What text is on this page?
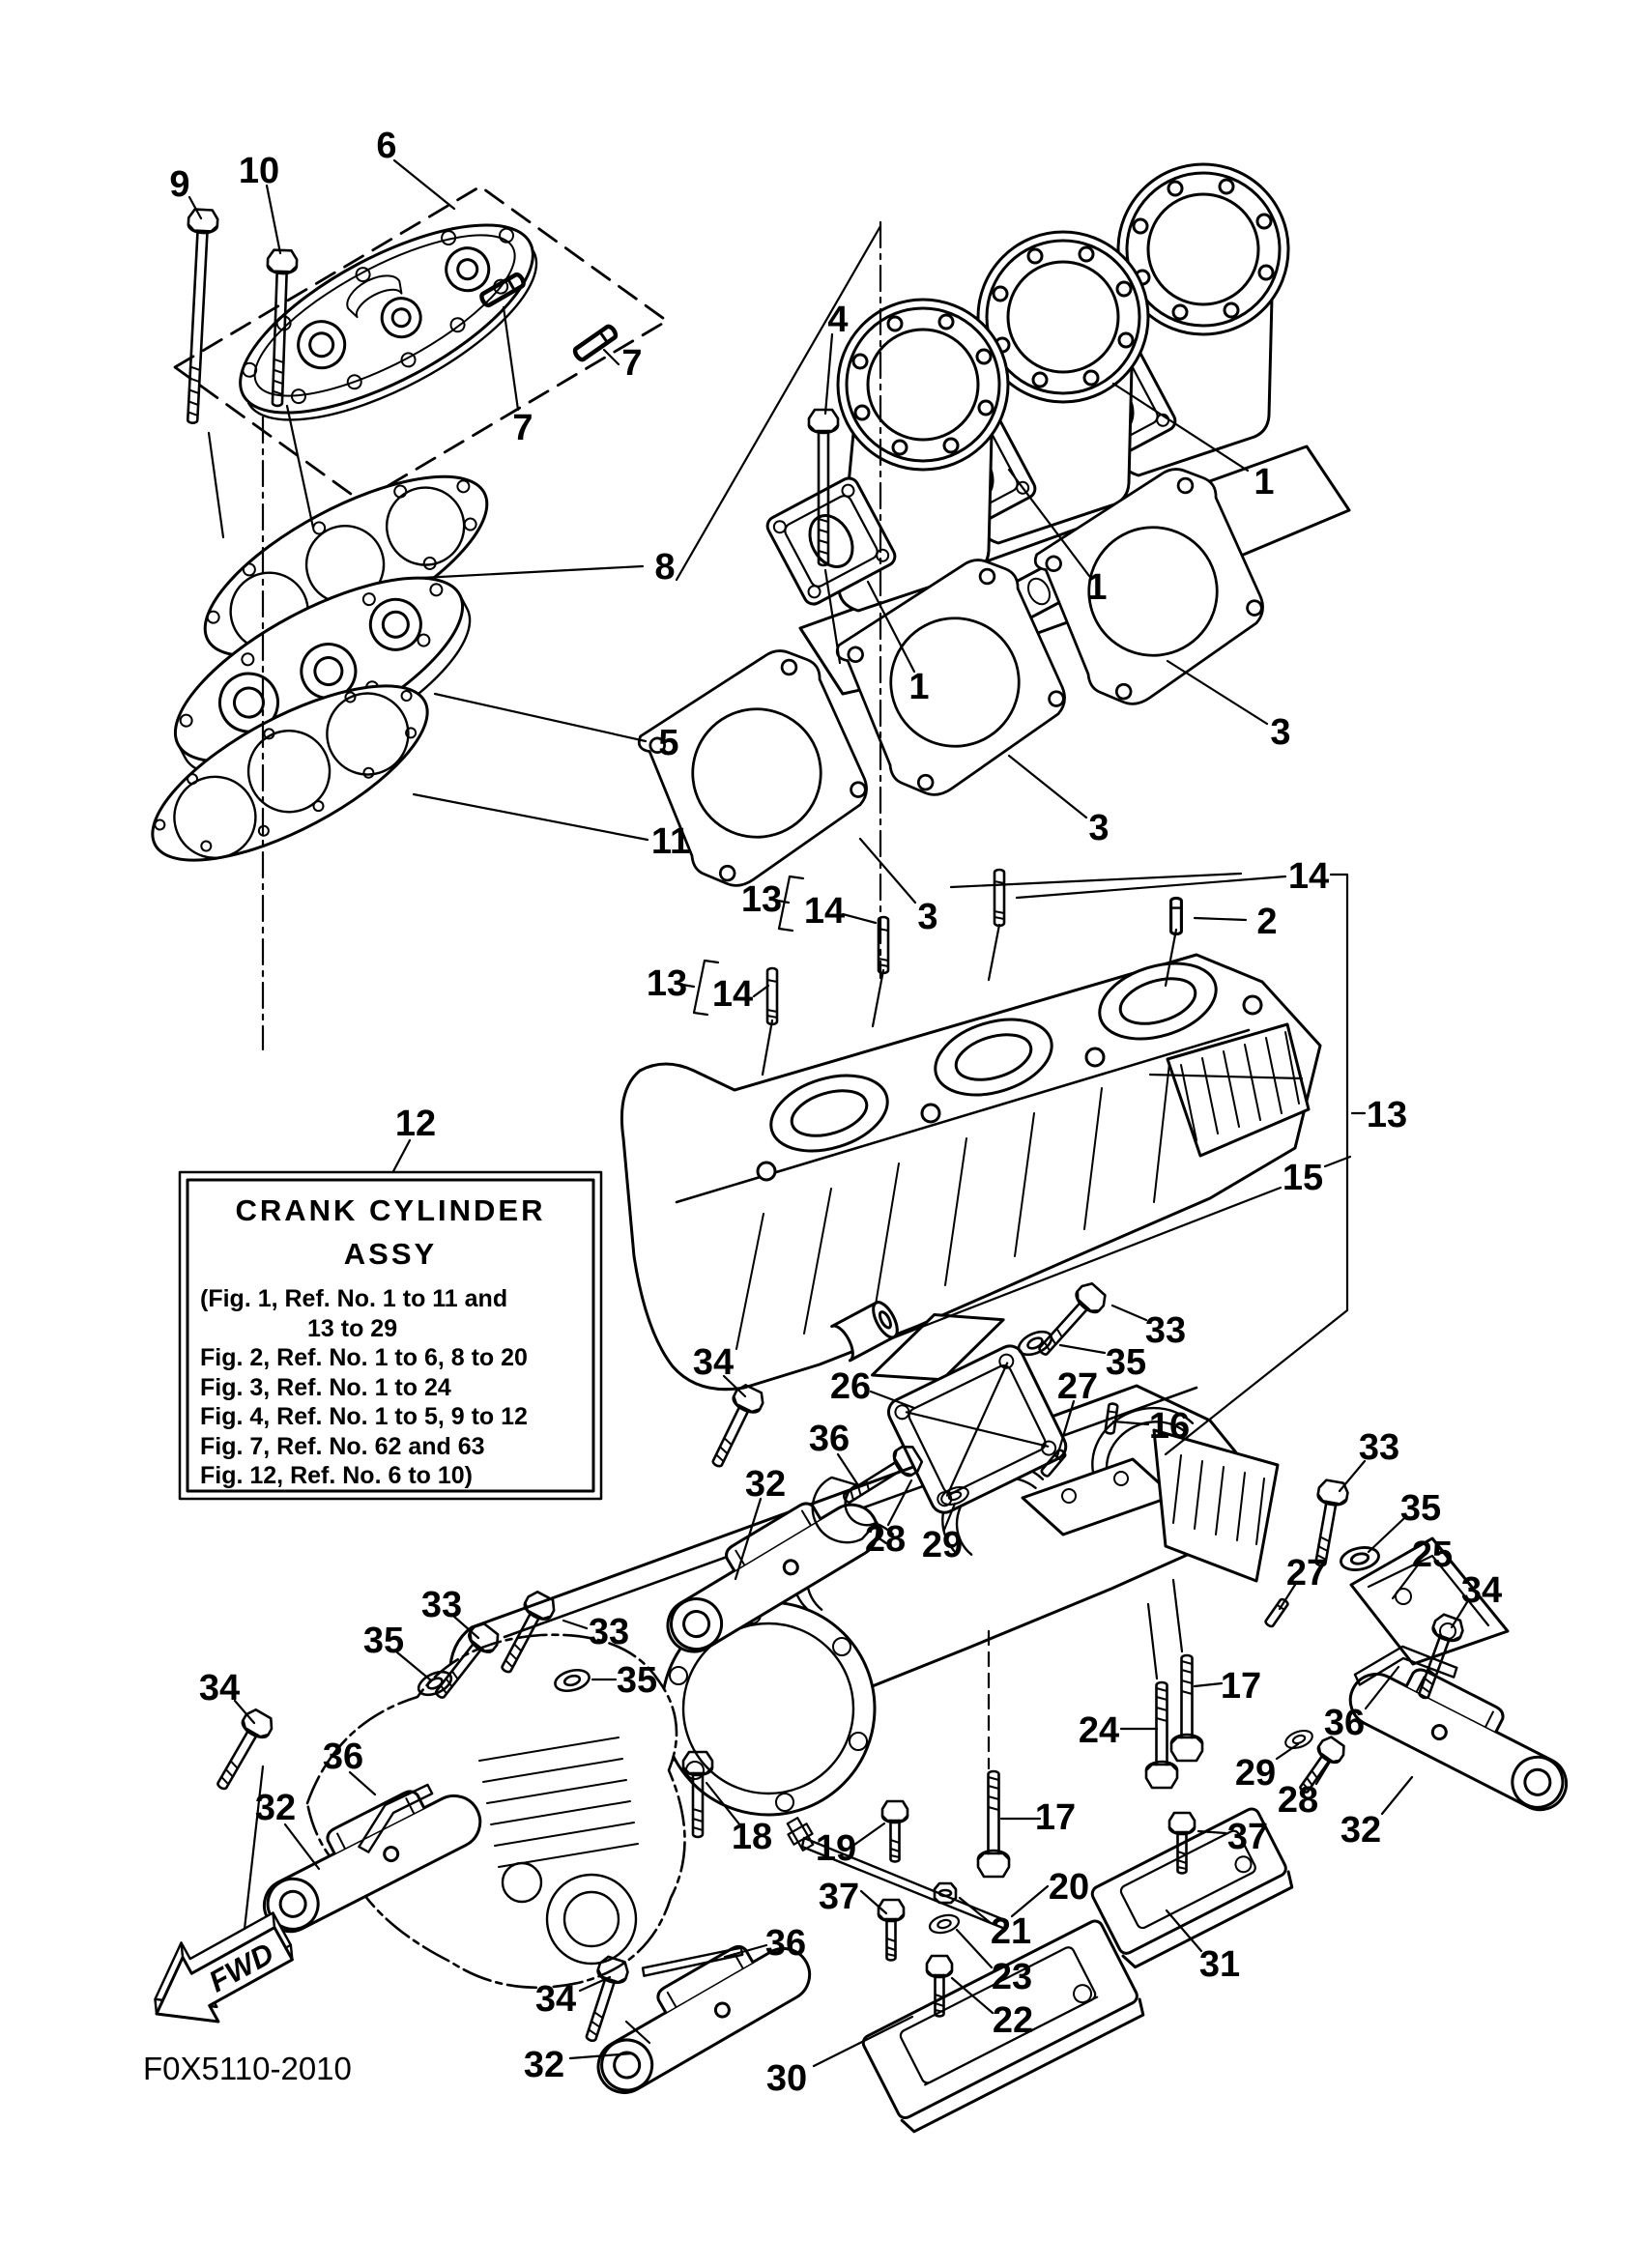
FWD
CRANK CYLINDER
ASSY
(Fig. 1, Ref. No. 1 to 11 and
13 to 29
Fig. 2, Ref. No. 1 to 6, 8 to 20
Fig. 3, Ref. No. 1 to 24
Fig. 4, Ref. No. 1 to 5, 9 to 12
Fig. 7, Ref. No. 62 and 63
Fig. 12, Ref. No. 6 to 10)
9 10
6
7
7
8
5
11
12
4
1
1
1
3
3
3
13 14
13 14
14
2
13
15
34
26
33
35
27
16
36
32
28 29
33
35
25
34
27
17
36
29
28
32
37
31
24
17
18 19
20
21
23
22
37
36
30
33
35	33
35
34
36
32
34
32
F0X5110-2010
